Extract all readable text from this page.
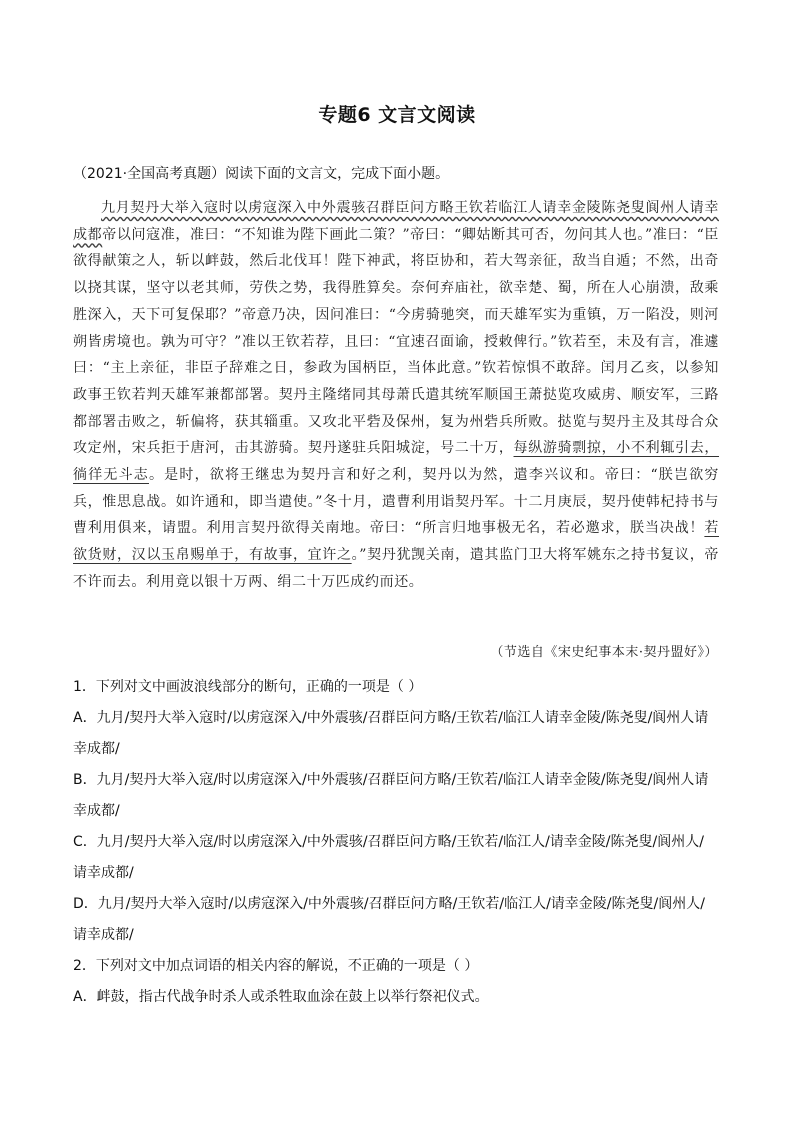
专题6 文言文阅读
（2021·全国高考真题）阅读下面的文言文，完成下面小题。
九月契丹大举入寇时以虏寇深入中外震骇召群臣问方略王钦若临江人请幸金陵陈尧叟阆州人请幸成都帝以问寇准，准曰：“不知谁为陛下画此二策？”帝曰：“卿姑断其可否，勿问其人也。”准曰：“臣欲得献策之人，斩以衅鼓，然后北伐耳！陛下神武，将臣协和，若大驾亲征，敌当自遁；不然，出奇以挠其谋，坚守以老其师，劳佚之势，我得胜算矣。奈何弃庙社，欲幸楚、蜀，所在人心崩溃，敌乘胜深入，天下可复保耶？”帝意乃决，因问准曰：“今虏骑驰突，而天雄军实为重镇，万一陷没，则河朔皆虏境也。孰为可守？”准以王钦若荐，且曰：“宜速召面谕，授敕俾行。”钦若至，未及有言，准遽曰：“主上亲征，非臣子辞难之日，参政为国柄臣，当体此意。”钦若惊惧不敢辞。闰月乙亥，以参知政事王钦若判天雄军兼都部署。契丹主隆绪同其母萧氏遣其统军顺国王萧挞览攻威虏、顺安军，三路都部署击败之，斩偏将，获其辎重。又攻北平砦及保州，复为州砦兵所败。挞览与契丹主及其母合众攻定州，宋兵拒于唐河，击其游骑。契丹遂驻兵阳城淀，号二十万，每纵游骑剽掠，小不利辄引去，徜徉无斗志。是时，欲将王继忠为契丹言和好之利，契丹以为然，遣李兴议和。帝曰：“朕岂欲穷兵，惟思息战。如许通和，即当遣使。”冬十月，遣曹利用诣契丹军。十二月庚辰，契丹使韩杞持书与曹利用俱来，请盟。利用言契丹欲得关南地。帝曰：“所言归地事极无名，若必邀求，朕当决战！若欲货财，汉以玉帛赐单于，有故事，宜许之。”契丹犹觊关南，遣其监门卫大将军姚东之持书复议，帝不许而去。利用竟以银十万两、绢二十万匹成约而还。
（节选自《宋史纪事本末·契丹盟好》）
1．下列对文中画波浪线部分的断句，正确的一项是（ ）
A．九月/契丹大举入寇时/以虏寇深入/中外震骇/召群臣问方略/王钦若/临江人请幸金陵/陈尧叟/阆州人请
幸成都/
B．九月/契丹大举入寇/时以虏寇深入/中外震骇/召群臣问方略/王钦若/临江人请幸金陵/陈尧叟/阆州人请
幸成都/
C．九月/契丹大举入寇/时以虏寇深入/中外震骇/召群臣问方略/王钦若/临江人/请幸金陵/陈尧叟/阆州人/
请幸成都/
D．九月/契丹大举入寇时/以虏寇深入/中外震骇/召群臣问方略/王钦若/临江人/请幸金陵/陈尧叟/阆州人/
请幸成都/
2．下列对文中加点词语的相关内容的解说，不正确的一项是（ ）
A．衅鼓，指古代战争时杀人或杀牲取血涂在鼓上以举行祭祀仪式。
